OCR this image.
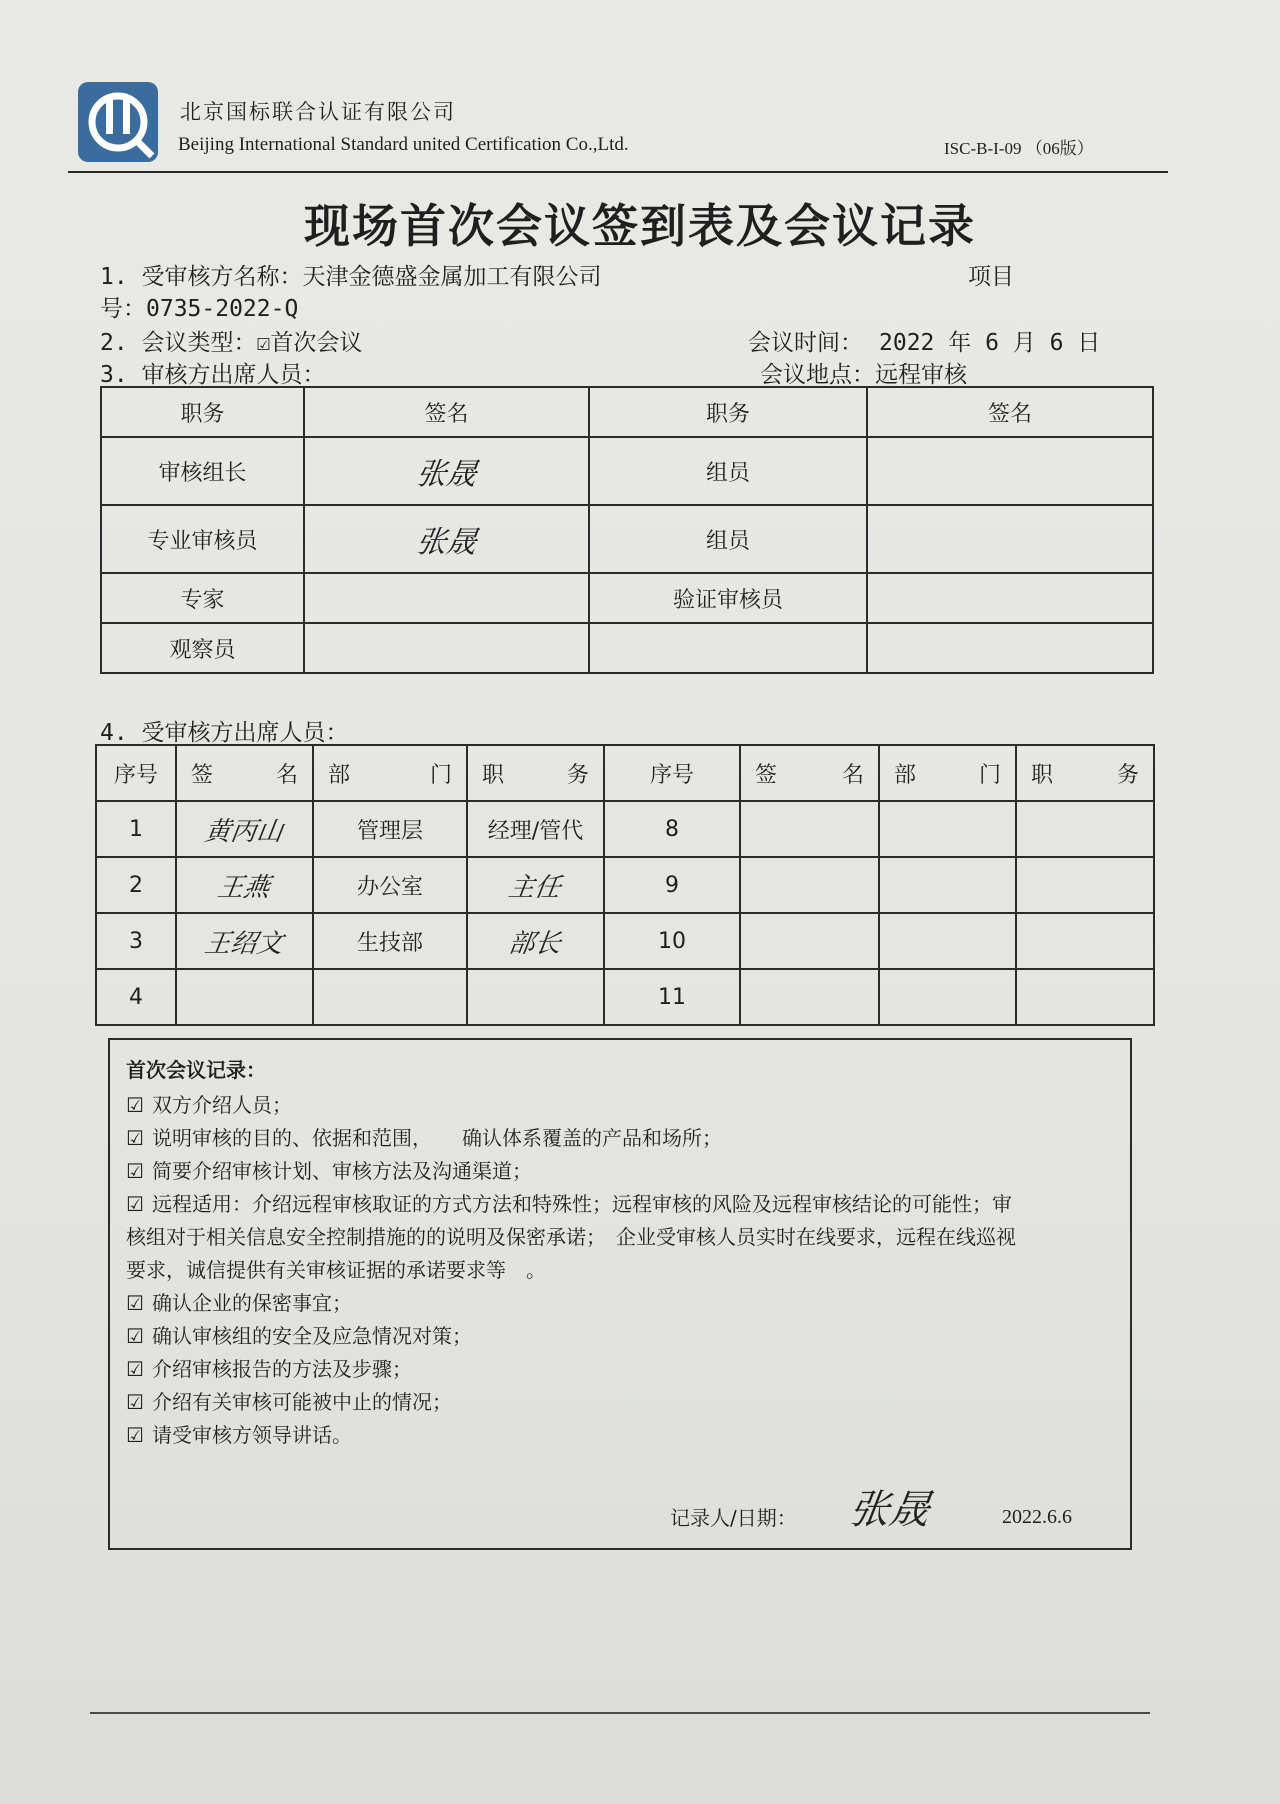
北京国标联合认证有限公司
Beijing International Standard united Certification Co.,Ltd.	ISC-B-I-09 （06版）
现场首次会议签到表及会议记录
1. 受审核方名称：天津金德盛金属加工有限公司	项目
号：0735-2022-Q
2. 会议类型：☑首次会议	会议时间： 2022 年 6 月 6 日
3. 审核方出席人员：	会议地点：远程审核
职务	签名	职务	签名
审核组长	张晟	组员	
专业审核员	张晟	组员	
专家		验证审核员	
观察员			
4. 受审核方出席人员：
序号	签 名	部 门	职 务	序号	签 名	部 门	职 务

1	黄丙山	管理层	经理/管代	8			
2	王燕	办公室	主任	9			
3	王绍文	生技部	部长	10			
4				11			
首次会议记录：
☑ 双方介绍人员；
☑ 说明审核的目的、依据和范围，　　确认体系覆盖的产品和场所；
☑ 简要介绍审核计划、审核方法及沟通渠道；
☑ 远程适用：介绍远程审核取证的方式方法和特殊性；远程审核的风险及远程审核结论的可能性；审
核组对于相关信息安全控制措施的的说明及保密承诺；　企业受审核人员实时在线要求，远程在线巡视
要求，诚信提供有关审核证据的承诺要求等　。
☑ 确认企业的保密事宜；
☑ 确认审核组的安全及应急情况对策；
☑ 介绍审核报告的方法及步骤；
☑ 介绍有关审核可能被中止的情况；
☑ 请受审核方领导讲话。
记录人/日期： 张晟	2022.6.6
